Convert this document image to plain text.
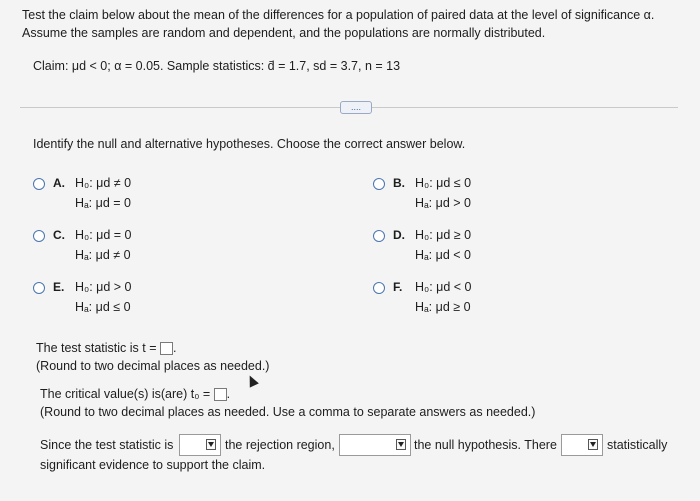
Test the claim below about the mean of the differences for a population of paired data at the level of significance α.
Assume the samples are random and dependent, and the populations are normally distributed.
Claim: μd < 0; α = 0.05. Sample statistics: d̄ = 1.7, sd = 3.7, n = 13
....
Identify the null and alternative hypotheses. Choose the correct answer below.
A. H₀: μd ≠ 0
Hₐ: μd = 0
B. H₀: μd ≤ 0
Hₐ: μd > 0
C. H₀: μd = 0
Hₐ: μd ≠ 0
D. H₀: μd ≥ 0
Hₐ: μd < 0
E. H₀: μd > 0
Hₐ: μd ≤ 0
F. H₀: μd < 0
Hₐ: μd ≥ 0
The test statistic is t = .
(Round to two decimal places as needed.)
The critical value(s) is(are) t₀ = .
(Round to two decimal places as needed. Use a comma to separate answers as needed.)
Since the test statistic is	the rejection region,	the null hypothesis. There	statistically
significant evidence to support the claim.
